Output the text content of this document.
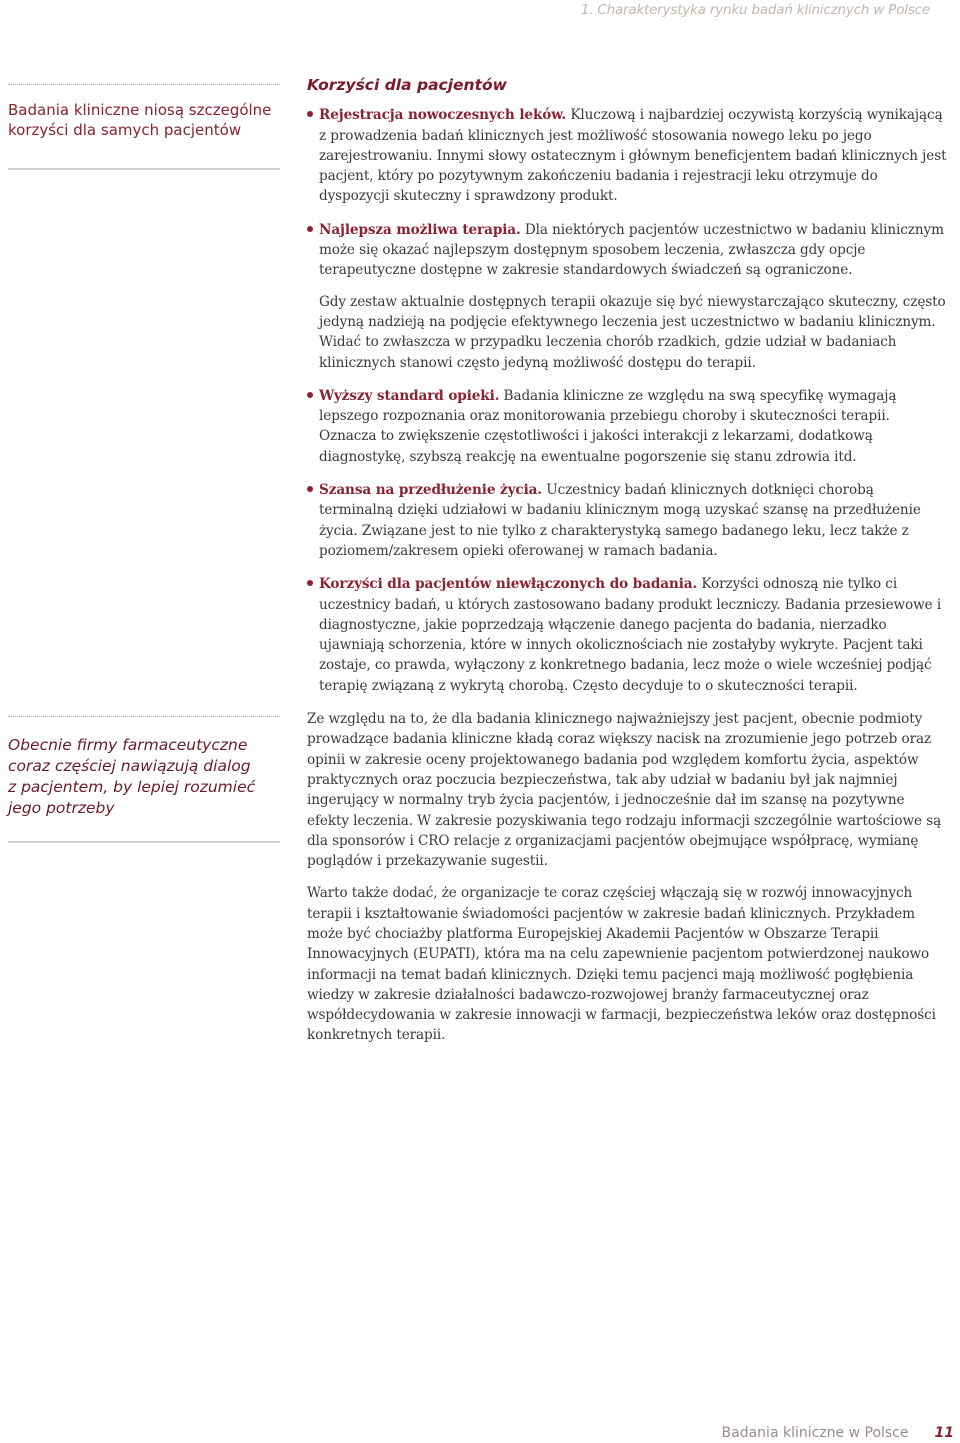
1. Charakterystyka rynku badań klinicznych w Polsce

Badania kliniczne niosą szczególne
korzyści dla samych pacjentów

Obecnie firmy farmaceutyczne
coraz częściej nawiązują dialog
z pacjentem, by lepiej rozumieć
jego potrzeby

Korzyści dla pacjentów

Rejestracja nowoczesnych leków. Kluczową i najbardziej oczywistą korzyścią wynikającą z prowadzenia badań klinicznych jest możliwość stosowania nowego leku po jego zarejestrowaniu. Innymi słowy ostatecznym i głównym beneficjentem badań klinicznych jest pacjent, który po pozytywnym zakończeniu badania i rejestracji leku otrzymuje do dyspozycji skuteczny i sprawdzony produkt.

Najlepsza możliwa terapia. Dla niektórych pacjentów uczestnictwo w badaniu klinicznym może się okazać najlepszym dostępnym sposobem leczenia, zwłaszcza gdy opcje terapeutyczne dostępne w zakresie standardowych świadczeń są ograniczone.

Gdy zestaw aktualnie dostępnych terapii okazuje się być niewystarczająco skuteczny, często jedyną nadzieją na podjęcie efektywnego leczenia jest uczestnictwo w badaniu klinicznym. Widać to zwłaszcza w przypadku leczenia chorób rzadkich, gdzie udział w badaniach klinicznych stanowi często jedyną możliwość dostępu do terapii.

Wyższy standard opieki. Badania kliniczne ze względu na swą specyfikę wymagają lepszego rozpoznania oraz monitorowania przebiegu choroby i skuteczności terapii. Oznacza to zwiększenie częstotliwości i jakości interakcji z lekarzami, dodatkową diagnostykę, szybszą reakcję na ewentualne pogorszenie się stanu zdrowia itd.

Szansa na przedłużenie życia. Uczestnicy badań klinicznych dotknięci chorobą terminalną dzięki udziałowi w badaniu klinicznym mogą uzyskać szansę na przedłużenie życia. Związane jest to nie tylko z charakterystyką samego badanego leku, lecz także z poziomem/zakresem opieki oferowanej w ramach badania.

Korzyści dla pacjentów niewłączonych do badania. Korzyści odnoszą nie tylko ci uczestnicy badań, u których zastosowano badany produkt leczniczy. Badania przesiewowe i diagnostyczne, jakie poprzedzają włączenie danego pacjenta do badania, nierzadko ujawniają schorzenia, które w innych okolicznościach nie zostałyby wykryte. Pacjent taki zostaje, co prawda, wyłączony z konkretnego badania, lecz może o wiele wcześniej podjąć terapię związaną z wykrytą chorobą. Często decyduje to o skuteczności terapii.

Ze względu na to, że dla badania klinicznego najważniejszy jest pacjent, obecnie podmioty prowadzące badania kliniczne kładą coraz większy nacisk na zrozumienie jego potrzeb oraz opinii w zakresie oceny projektowanego badania pod względem komfortu życia, aspektów praktycznych oraz poczucia bezpieczeństwa, tak aby udział w badaniu był jak najmniej ingerujący w normalny tryb życia pacjentów, i jednocześnie dał im szansę na pozytywne efekty leczenia. W zakresie pozyskiwania tego rodzaju informacji szczególnie wartościowe są dla sponsorów i CRO relacje z organizacjami pacjentów obejmujące współpracę, wymianę poglądów i przekazywanie sugestii.

Warto także dodać, że organizacje te coraz częściej włączają się w rozwój innowacyjnych terapii i kształtowanie świadomości pacjentów w zakresie badań klinicznych. Przykładem może być chociażby platforma Europejskiej Akademii Pacjentów w Obszarze Terapii Innowacyjnych (EUPATI), która ma na celu zapewnienie pacjentom potwierdzonej naukowo informacji na temat badań klinicznych. Dzięki temu pacjenci mają możliwość pogłębienia wiedzy w zakresie działalności badawczo-rozwojowej branży farmaceutycznej oraz współdecydowania w zakresie innowacji w farmacji, bezpieczeństwa leków oraz dostępności konkretnych terapii.

Badania kliniczne w Polsce 11
